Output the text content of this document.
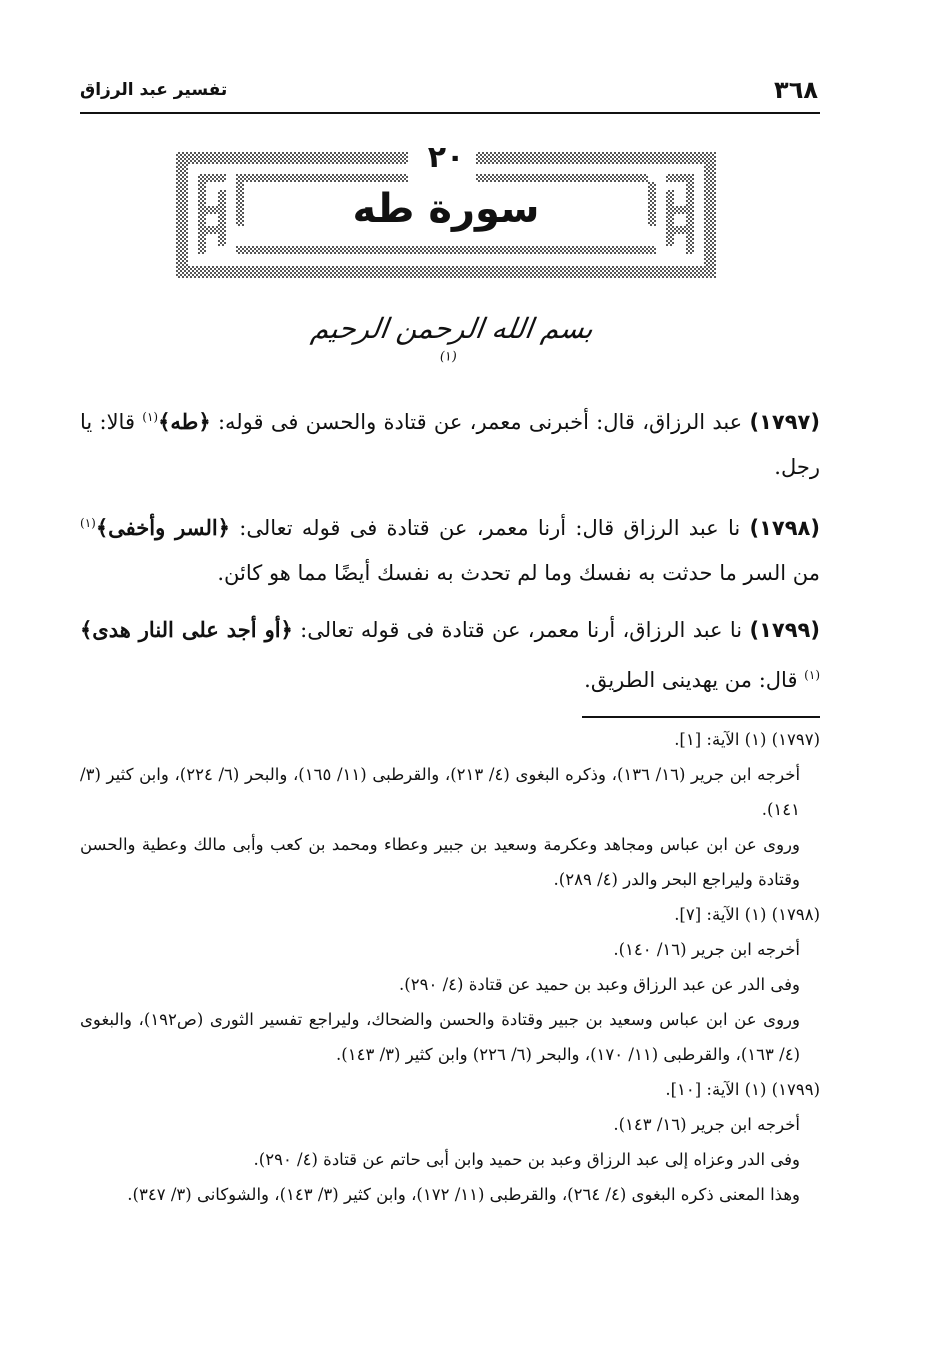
٣٦٨
تفسير عبد الرزاق
٢٠
سورة طه
بسم الله الرحمن الرحيم $^{(١)}$

(١٧٩٧) عبد الرزاق، قال: أخبرنى معمر، عن قتادة والحسن فى قوله: ﴿طه﴾$^{(١)}$ قالا: يا رجل.

(١٧٩٨) نا عبد الرزاق قال: أرنا معمر، عن قتادة فى قوله تعالى: ﴿السر وأخفى﴾$^{(١)}$ من السر ما حدثت به نفسك وما لم تحدث به نفسك أيضًا مما هو كائن.

(١٧٩٩) نا عبد الرزاق، أرنا معمر، عن قتادة فى قوله تعالى: ﴿أو أجد على النار هدى﴾$^{(١)}$ قال: من يهدينى الطريق.

(١٧٩٧) (١) الآية: [١].

أخرجه ابن جرير (١٦/ ١٣٦)، وذكره البغوى (٤/ ٢١٣)، والقرطبى (١١/ ١٦٥)، والبحر (٦/ ٢٢٤)، وابن كثير (٣/ ١٤١).

وروى عن ابن عباس ومجاهد وعكرمة وسعيد بن جبير وعطاء ومحمد بن كعب وأبى مالك وعطية والحسن وقتادة وليراجع البحر والدر (٤/ ٢٨٩).

(١٧٩٨) (١) الآية: [٧].

أخرجه ابن جرير (١٦/ ١٤٠).

وفى الدر عن عبد الرزاق وعبد بن حميد عن قتادة (٤/ ٢٩٠).

وروى عن ابن عباس وسعيد بن جبير وقتادة والحسن والضحاك، وليراجع تفسير الثورى (ص١٩٢)، والبغوى (٤/ ١٦٣)، والقرطبى (١١/ ١٧٠)، والبحر (٦/ ٢٢٦) وابن كثير (٣/ ١٤٣).

(١٧٩٩) (١) الآية: [١٠].

أخرجه ابن جرير (١٦/ ١٤٣).

وفى الدر وعزاه إلى عبد الرزاق وعبد بن حميد وابن أبى حاتم عن قتادة (٤/ ٢٩٠).

وهذا المعنى ذكره البغوى (٤/ ٢٦٤)، والقرطبى (١١/ ١٧٢)، وابن كثير (٣/ ١٤٣)، والشوكانى (٣/ ٣٤٧).
